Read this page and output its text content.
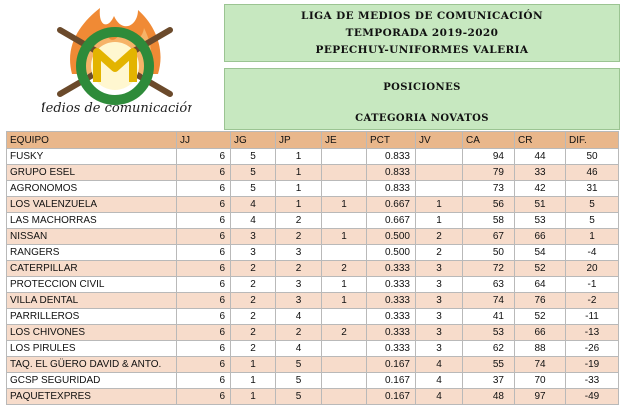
Medios de comunicación
LIGA DE MEDIOS DE COMUNICACIÓN
TEMPORADA 2019-2020
PEPECHUY-UNIFORMES VALERIA
POSICIONES
CATEGORIA NOVATOS
EQUIPO	JJ	JG	JP	JE	PCT	JV	CA	CR	DIF.
FUSKY	6	5	1		0.833		94	44	50
GRUPO ESEL	6	5	1		0.833		79	33	46
AGRONOMOS	6	5	1		0.833		73	42	31
LOS VALENZUELA	6	4	1	1	0.667	1	56	51	5
LAS MACHORRAS	6	4	2		0.667	1	58	53	5
NISSAN	6	3	2	1	0.500	2	67	66	1
RANGERS	6	3	3		0.500	2	50	54	-4
CATERPILLAR	6	2	2	2	0.333	3	72	52	20
PROTECCION CIVIL	6	2	3	1	0.333	3	63	64	-1
VILLA DENTAL	6	2	3	1	0.333	3	74	76	-2
PARRILLEROS	6	2	4		0.333	3	41	52	-11
LOS CHIVONES	6	2	2	2	0.333	3	53	66	-13
LOS PIRULES	6	2	4		0.333	3	62	88	-26
TAQ. EL GÜERO DAVID & ANTO.	6	1	5		0.167	4	55	74	-19
GCSP SEGURIDAD	6	1	5		0.167	4	37	70	-33
PAQUETEXPRES	6	1	5		0.167	4	48	97	-49
